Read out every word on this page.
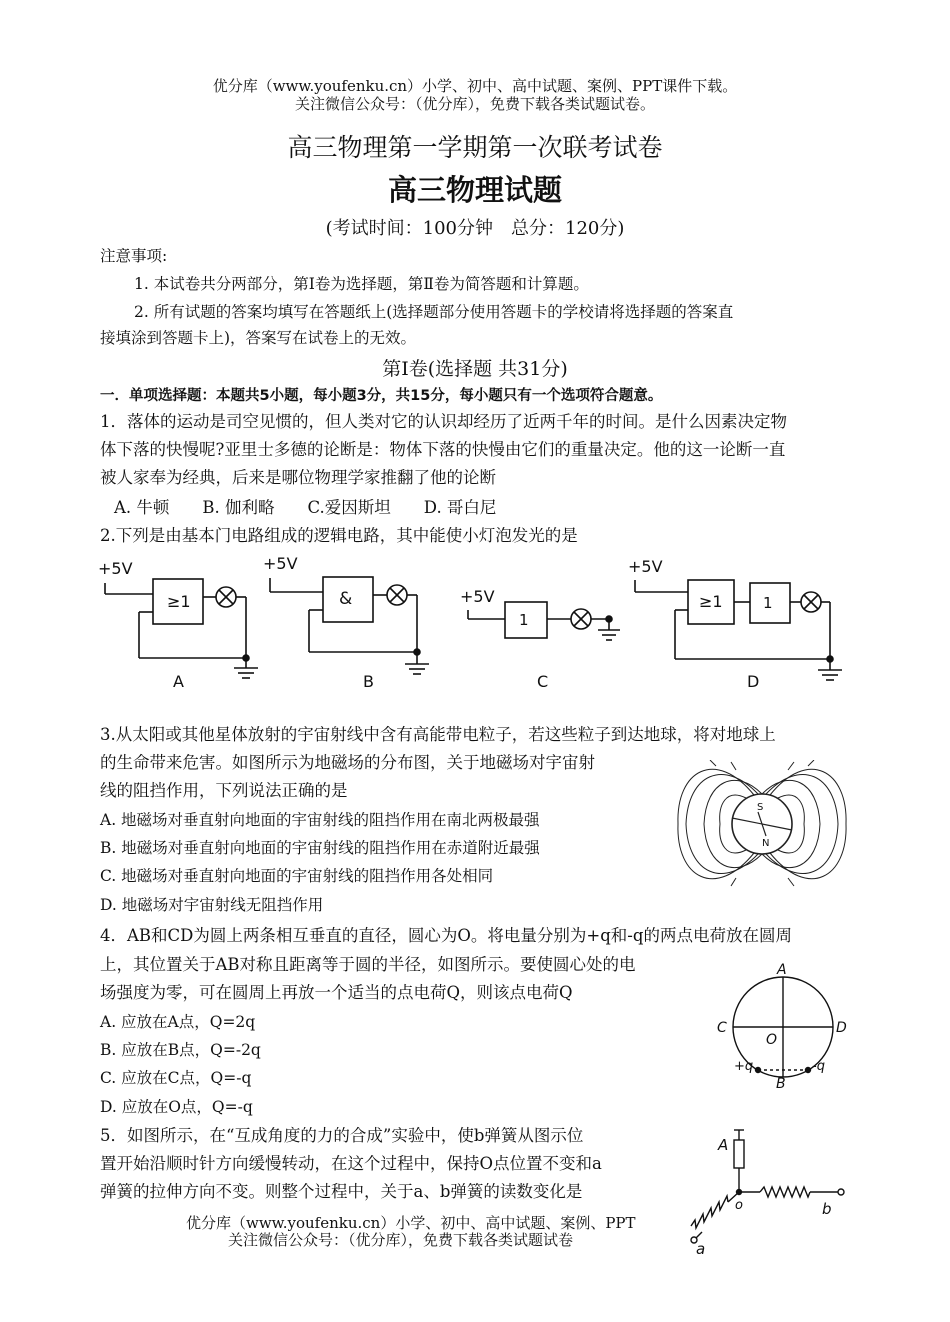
优分库（www.youfenku.cn）小学、初中、高中试题、案例、PPT课件下载。
关注微信公众号：（优分库），免费下载各类试题试卷。
高三物理第一学期第一次联考试卷
高三物理试题
(考试时间：100分钟　总分：120分)
注意事项:
1. 本试卷共分两部分，第Ⅰ卷为选择题，第Ⅱ卷为简答题和计算题。
2. 所有试题的答案均填写在答题纸上(选择题部分使用答题卡的学校请将选择题的答案直
接填涂到答题卡上)，答案写在试卷上的无效。
第Ⅰ卷(选择题 共31分)
一．单项选择题：本题共5小题，每小题3分，共15分，每小题只有一个选项符合题意。
1．落体的运动是司空见惯的，但人类对它的认识却经历了近两千年的时间。是什么因素决定物
体下落的快慢呢?亚里士多德的论断是：物体下落的快慢由它们的重量决定。他的这一论断一直
被人家奉为经典，后来是哪位物理学家推翻了他的论断
A. 牛顿　　B. 伽利略　　C.爱因斯坦　　D. 哥白尼
2.下列是由基本门电路组成的逻辑电路，其中能使小灯泡发光的是
+5V
≥1
A
+5V
&
B
+5V
1
C
+5V
≥1	1
D
3.从太阳或其他星体放射的宇宙射线中含有高能带电粒子，若这些粒子到达地球，将对地球上
的生命带来危害。如图所示为地磁场的分布图，关于地磁场对宇宙射
线的阻挡作用，下列说法正确的是
A. 地磁场对垂直射向地面的宇宙射线的阻挡作用在南北两极最强
B. 地磁场对垂直射向地面的宇宙射线的阻挡作用在赤道附近最强
C. 地磁场对垂直射向地面的宇宙射线的阻挡作用各处相同
D. 地磁场对宇宙射线无阻挡作用
S
N
4．AB和CD为圆上两条相互垂直的直径，圆心为O。将电量分别为+q和-q的两点电荷放在圆周
上，其位置关于AB对称且距离等于圆的半径，如图所示。要使圆心处的电
场强度为零，可在圆周上再放一个适当的点电荷Q，则该点电荷Q
A. 应放在A点，Q=2q
B. 应放在B点，Q=-2q
C. 应放在C点，Q=-q
D. 应放在O点，Q=-q
A
B
C	D
O
+q	-q
5．如图所示，在“互成角度的力的合成”实验中，使b弹簧从图示位
置开始沿顺时针方向缓慢转动，在这个过程中，保持O点位置不变和a
弹簧的拉伸方向不变。则整个过程中，关于a、b弹簧的读数变化是
A
o	b
a
优分库（www.youfenku.cn）小学、初中、高中试题、案例、PPT
关注微信公众号：（优分库），免费下载各类试题试卷
